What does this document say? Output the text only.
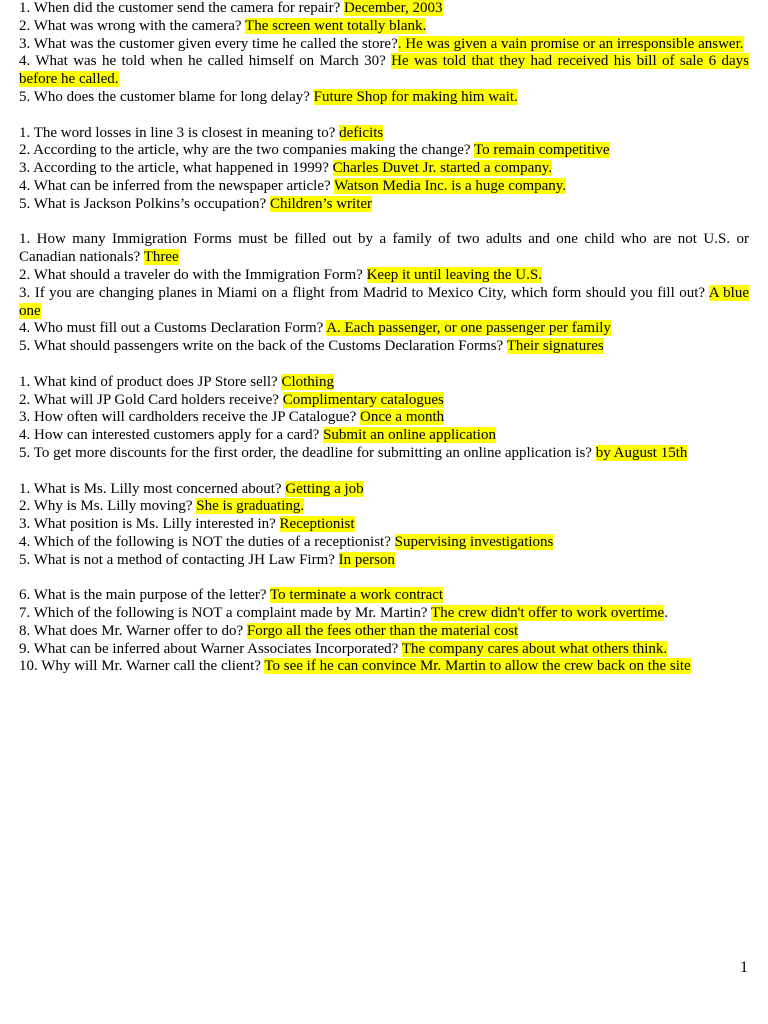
1. When did the customer send the camera for repair? December, 2003

2. What was wrong with the camera? The screen went totally blank.

3. What was the customer given every time he called the store?. He was given a vain promise or an irresponsible answer.

4. What was he told when he called himself on March 30? He was told that they had received his bill of sale 6 days before he called.

5. Who does the customer blame for long delay? Future Shop for making him wait.

1. The word losses in line 3 is closest in meaning to? deficits

2. According to the article, why are the two companies making the change? To remain competitive

3. According to the article, what happened in 1999? Charles Duvet Jr. started a company.

4. What can be inferred from the newspaper article? Watson Media Inc. is a huge company.

5. What is Jackson Polkins’s occupation? Children’s writer

1. How many Immigration Forms must be filled out by a family of two adults and one child who are not U.S. or Canadian nationals? Three

2. What should a traveler do with the Immigration Form? Keep it until leaving the U.S.

3. If you are changing planes in Miami on a flight from Madrid to Mexico City, which form should you fill out? A blue one

4. Who must fill out a Customs Declaration Form? A. Each passenger, or one passenger per family

5. What should passengers write on the back of the Customs Declaration Forms? Their signatures

1. What kind of product does JP Store sell? Clothing

2. What will JP Gold Card holders receive? Complimentary catalogues

3. How often will cardholders receive the JP Catalogue? Once a month

4. How can interested customers apply for a card? Submit an online application

5. To get more discounts for the first order, the deadline for submitting an online application is? by August 15th

1. What is Ms. Lilly most concerned about? Getting a job

2. Why is Ms. Lilly moving? She is graduating.

3. What position is Ms. Lilly interested in? Receptionist

4. Which of the following is NOT the duties of a receptionist? Supervising investigations

5. What is not a method of contacting JH Law Firm? In person

6. What is the main purpose of the letter? To terminate a work contract

7. Which of the following is NOT a complaint made by Mr. Martin? The crew didn't offer to work overtime.

8. What does Mr. Warner offer to do? Forgo all the fees other than the material cost

9. What can be inferred about Warner Associates Incorporated? The company cares about what others think.

10. Why will Mr. Warner call the client? To see if he can convince Mr. Martin to allow the crew back on the site

1
